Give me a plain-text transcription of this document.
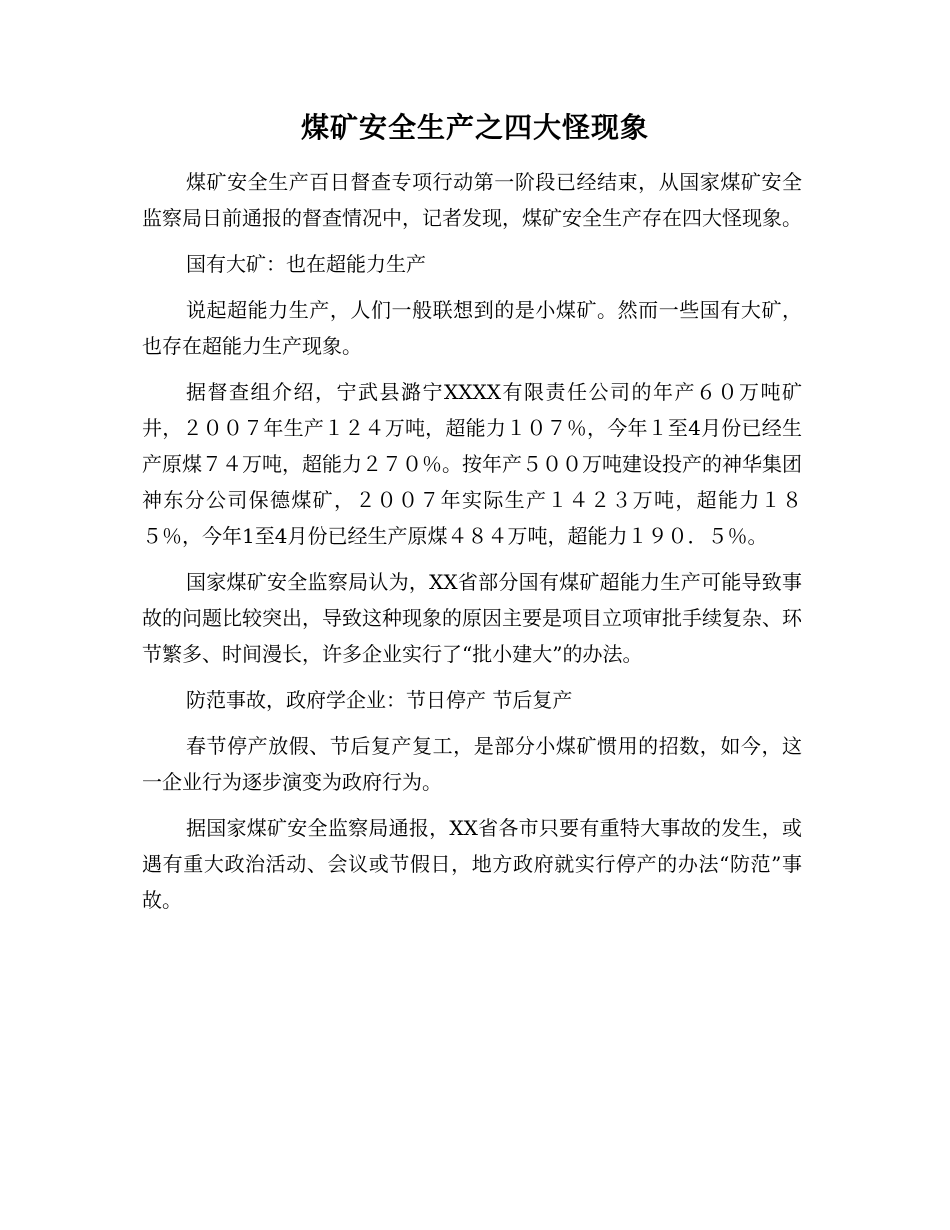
煤矿安全生产之四大怪现象

煤矿安全生产百日督查专项行动第一阶段已经结束，从国家煤矿安全监察局日前通报的督查情况中，记者发现，煤矿安全生产存在四大怪现象。

国有大矿：也在超能力生产

说起超能力生产，人们一般联想到的是小煤矿。然而一些国有大矿，也存在超能力生产现象。

据督查组介绍，宁武县潞宁XXXX有限责任公司的年产６０万吨矿井，２００７年生产１２４万吨，超能力１０７％，今年１至4月份已经生产原煤７４万吨，超能力２７０％。按年产５００万吨建设投产的神华集团神东分公司保德煤矿，２００７年实际生产１４２３万吨，超能力１８５％，今年1至4月份已经生产原煤４８４万吨，超能力１９０．５％。

国家煤矿安全监察局认为，XX省部分国有煤矿超能力生产可能导致事故的问题比较突出，导致这种现象的原因主要是项目立项审批手续复杂、环节繁多、时间漫长，许多企业实行了“批小建大”的办法。

防范事故，政府学企业：节日停产 节后复产

春节停产放假、节后复产复工，是部分小煤矿惯用的招数，如今，这一企业行为逐步演变为政府行为。

据国家煤矿安全监察局通报，XX省各市只要有重特大事故的发生，或遇有重大政治活动、会议或节假日，地方政府就实行停产的办法“防范”事故。
